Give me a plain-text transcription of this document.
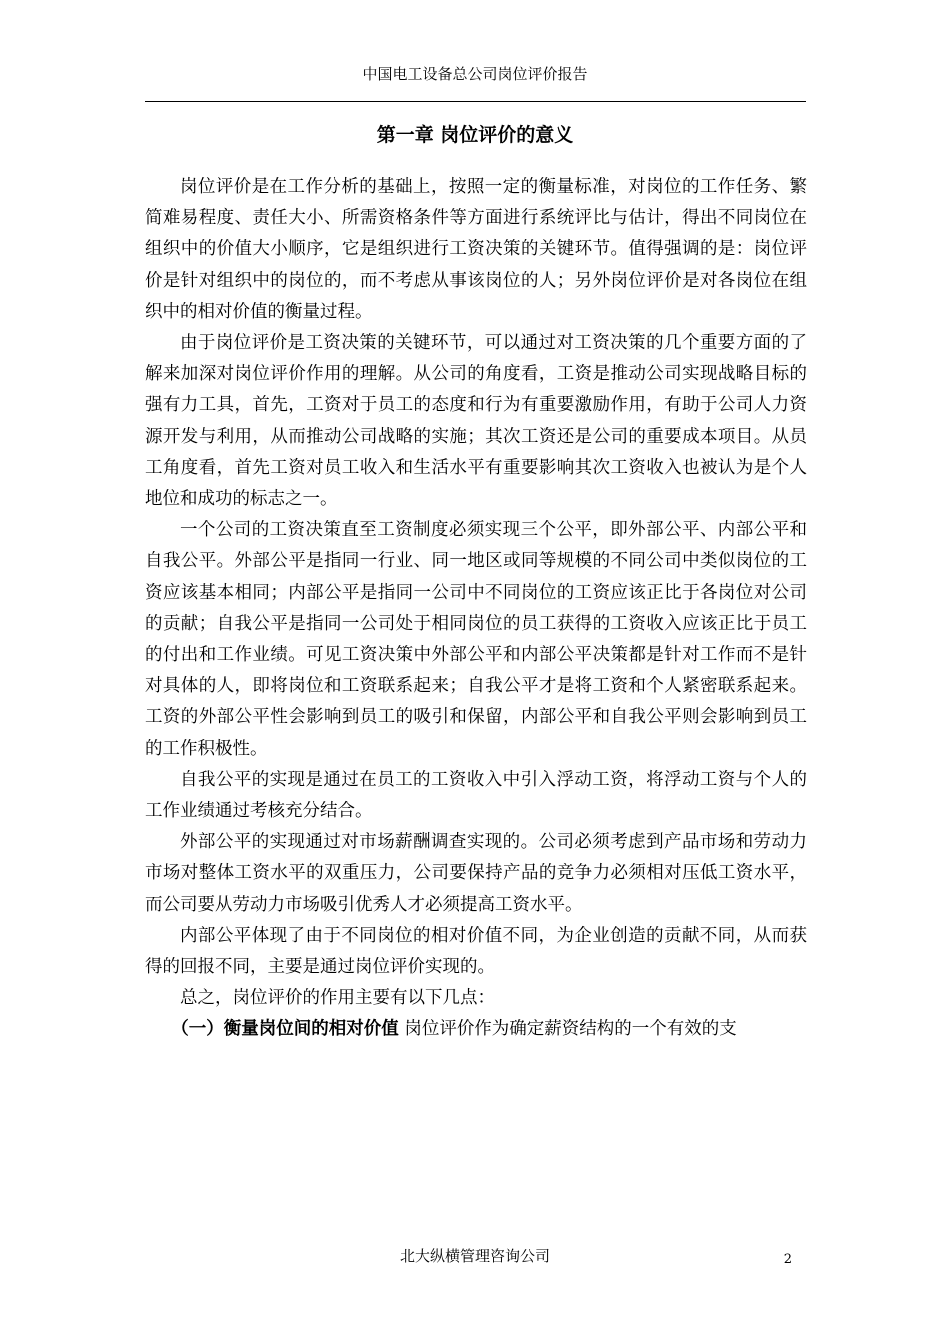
中国电工设备总公司岗位评价报告
第一章 岗位评价的意义

岗位评价是在工作分析的基础上，按照一定的衡量标准，对岗位的工作任务、繁简难易程度、责任大小、所需资格条件等方面进行系统评比与估计，得出不同岗位在组织中的价值大小顺序，它是组织进行工资决策的关键环节。值得强调的是：岗位评价是针对组织中的岗位的，而不考虑从事该岗位的人；另外岗位评价是对各岗位在组织中的相对价值的衡量过程。

由于岗位评价是工资决策的关键环节，可以通过对工资决策的几个重要方面的了解来加深对岗位评价作用的理解。从公司的角度看，工资是推动公司实现战略目标的强有力工具，首先，工资对于员工的态度和行为有重要激励作用，有助于公司人力资源开发与利用，从而推动公司战略的实施；其次工资还是公司的重要成本项目。从员工角度看，首先工资对员工收入和生活水平有重要影响其次工资收入也被认为是个人地位和成功的标志之一。

一个公司的工资决策直至工资制度必须实现三个公平，即外部公平、内部公平和自我公平。外部公平是指同一行业、同一地区或同等规模的不同公司中类似岗位的工资应该基本相同；内部公平是指同一公司中不同岗位的工资应该正比于各岗位对公司的贡献；自我公平是指同一公司处于相同岗位的员工获得的工资收入应该正比于员工的付出和工作业绩。可见工资决策中外部公平和内部公平决策都是针对工作而不是针对具体的人，即将岗位和工资联系起来；自我公平才是将工资和个人紧密联系起来。工资的外部公平性会影响到员工的吸引和保留，内部公平和自我公平则会影响到员工的工作积极性。

自我公平的实现是通过在员工的工资收入中引入浮动工资，将浮动工资与个人的工作业绩通过考核充分结合。

外部公平的实现通过对市场薪酬调查实现的。公司必须考虑到产品市场和劳动力市场对整体工资水平的双重压力，公司要保持产品的竞争力必须相对压低工资水平，而公司要从劳动力市场吸引优秀人才必须提高工资水平。

内部公平体现了由于不同岗位的相对价值不同，为企业创造的贡献不同，从而获得的回报不同，主要是通过岗位评价实现的。

总之，岗位评价的作用主要有以下几点：

（一）衡量岗位间的相对价值 岗位评价作为确定薪资结构的一个有效的支

北大纵横管理咨询公司	2
